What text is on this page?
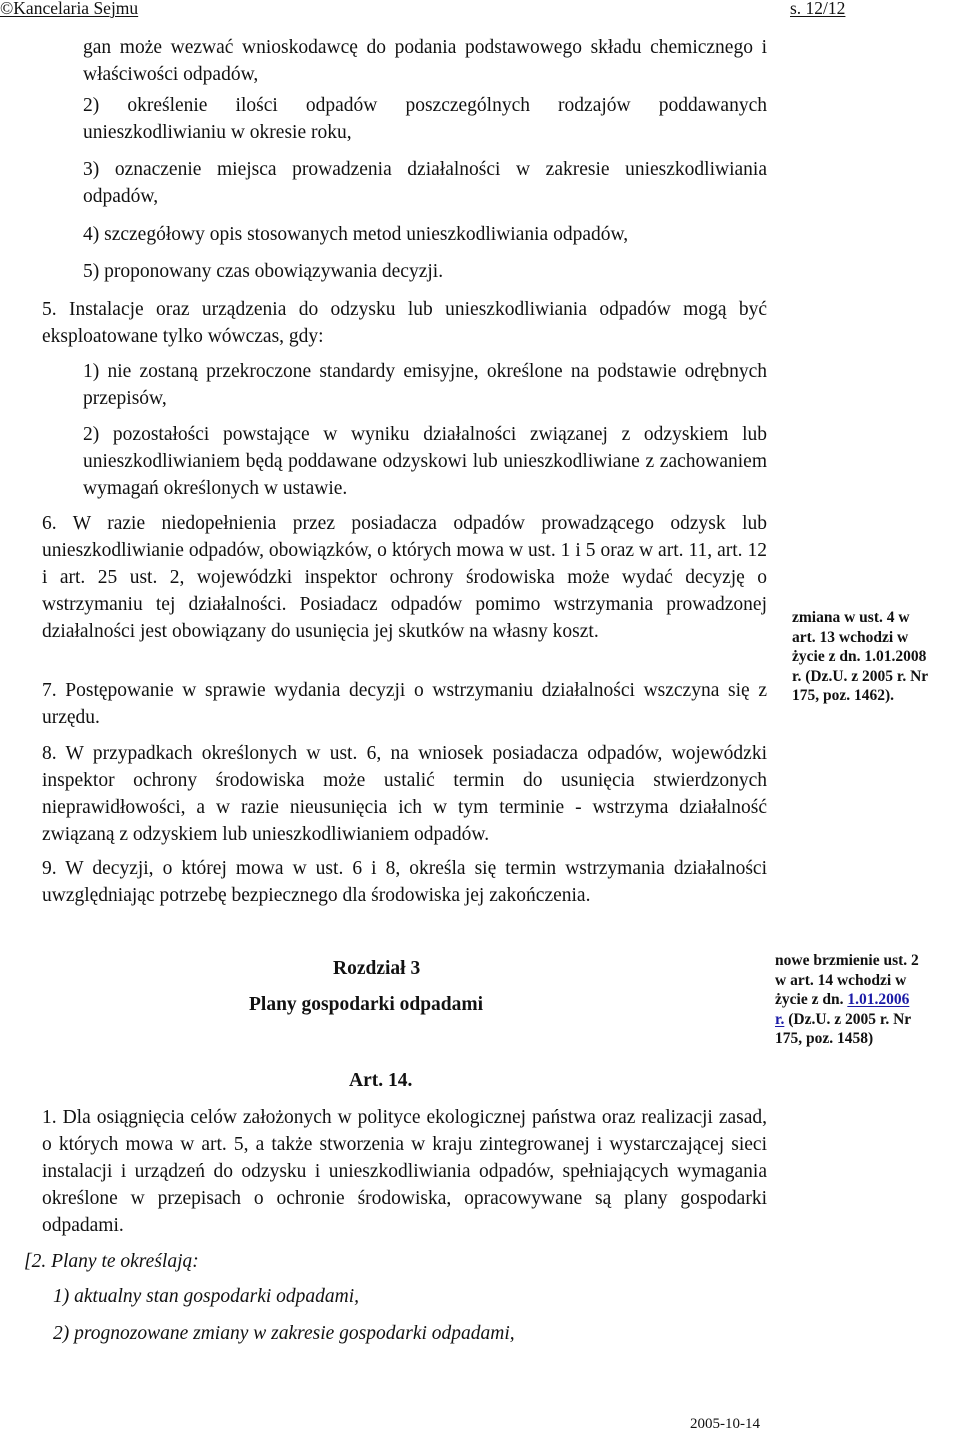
©Kancelaria Sejmu	s. 12/12

gan może wezwać wnioskodawcę do podania podstawowego składu chemicznego i właściwości odpadów,

2) określenie ilości odpadów poszczególnych rodzajów poddawanych unieszkodliwianiu w okresie roku,

3) oznaczenie miejsca prowadzenia działalności w zakresie unieszkodliwiania odpadów,

4) szczegółowy opis stosowanych metod unieszkodliwiania odpadów,

5) proponowany czas obowiązywania decyzji.

5. Instalacje oraz urządzenia do odzysku lub unieszkodliwiania odpadów mogą być eksploatowane tylko wówczas, gdy:

1) nie zostaną przekroczone standardy emisyjne, określone na podstawie odrębnych przepisów,

2) pozostałości powstające w wyniku działalności związanej z odzyskiem lub unieszkodliwianiem będą poddawane odzyskowi lub unieszkodliwiane z zachowaniem wymagań określonych w ustawie.

6. W razie niedopełnienia przez posiadacza odpadów prowadzącego odzysk lub unieszkodliwianie odpadów, obowiązków, o których mowa w ust. 1 i 5 oraz w art. 11, art. 12 i art. 25 ust. 2, wojewódzki inspektor ochrony środowiska może wydać decyzję o wstrzymaniu tej działalności. Posiadacz odpadów pomimo wstrzymania prowadzonej działalności jest obowiązany do usunięcia jej skutków na własny koszt.

7. Postępowanie w sprawie wydania decyzji o wstrzymaniu działalności wszczyna się z urzędu.

8. W przypadkach określonych w ust. 6, na wniosek posiadacza odpadów, wojewódzki inspektor ochrony środowiska może ustalić termin do usunięcia stwierdzonych nieprawidłowości, a w razie nieusunięcia ich w tym terminie - wstrzyma działalność związaną z odzyskiem lub unieszkodliwianiem odpadów.

9. W decyzji, o której mowa w ust. 6 i 8, określa się termin wstrzymania działalności uwzględniając potrzebę bezpiecznego dla środowiska jej zakończenia.

zmiana w ust. 4 w
art. 13 wchodzi w
życie z dn. 1.01.2008
r. (Dz.U. z 2005 r. Nr
175, poz. 1462).
Rozdział 3
Plany gospodarki odpadami
Art. 14.
nowe brzmienie ust. 2
w art. 14 wchodzi w
życie z dn. 1.01.2006
r. (Dz.U. z 2005 r. Nr
175, poz. 1458)

1. Dla osiągnięcia celów założonych w polityce ekologicznej państwa oraz realizacji zasad, o których mowa w art. 5, a także stworzenia w kraju zintegrowanej i wystarczającej sieci instalacji i urządzeń do odzysku i unieszkodliwiania odpadów, spełniających wymagania określone w przepisach o ochronie środowiska, opracowywane są plany gospodarki odpadami.

[2. Plany te określają:

1) aktualny stan gospodarki odpadami,

2) prognozowane zmiany w zakresie gospodarki odpadami,

2005-10-14
